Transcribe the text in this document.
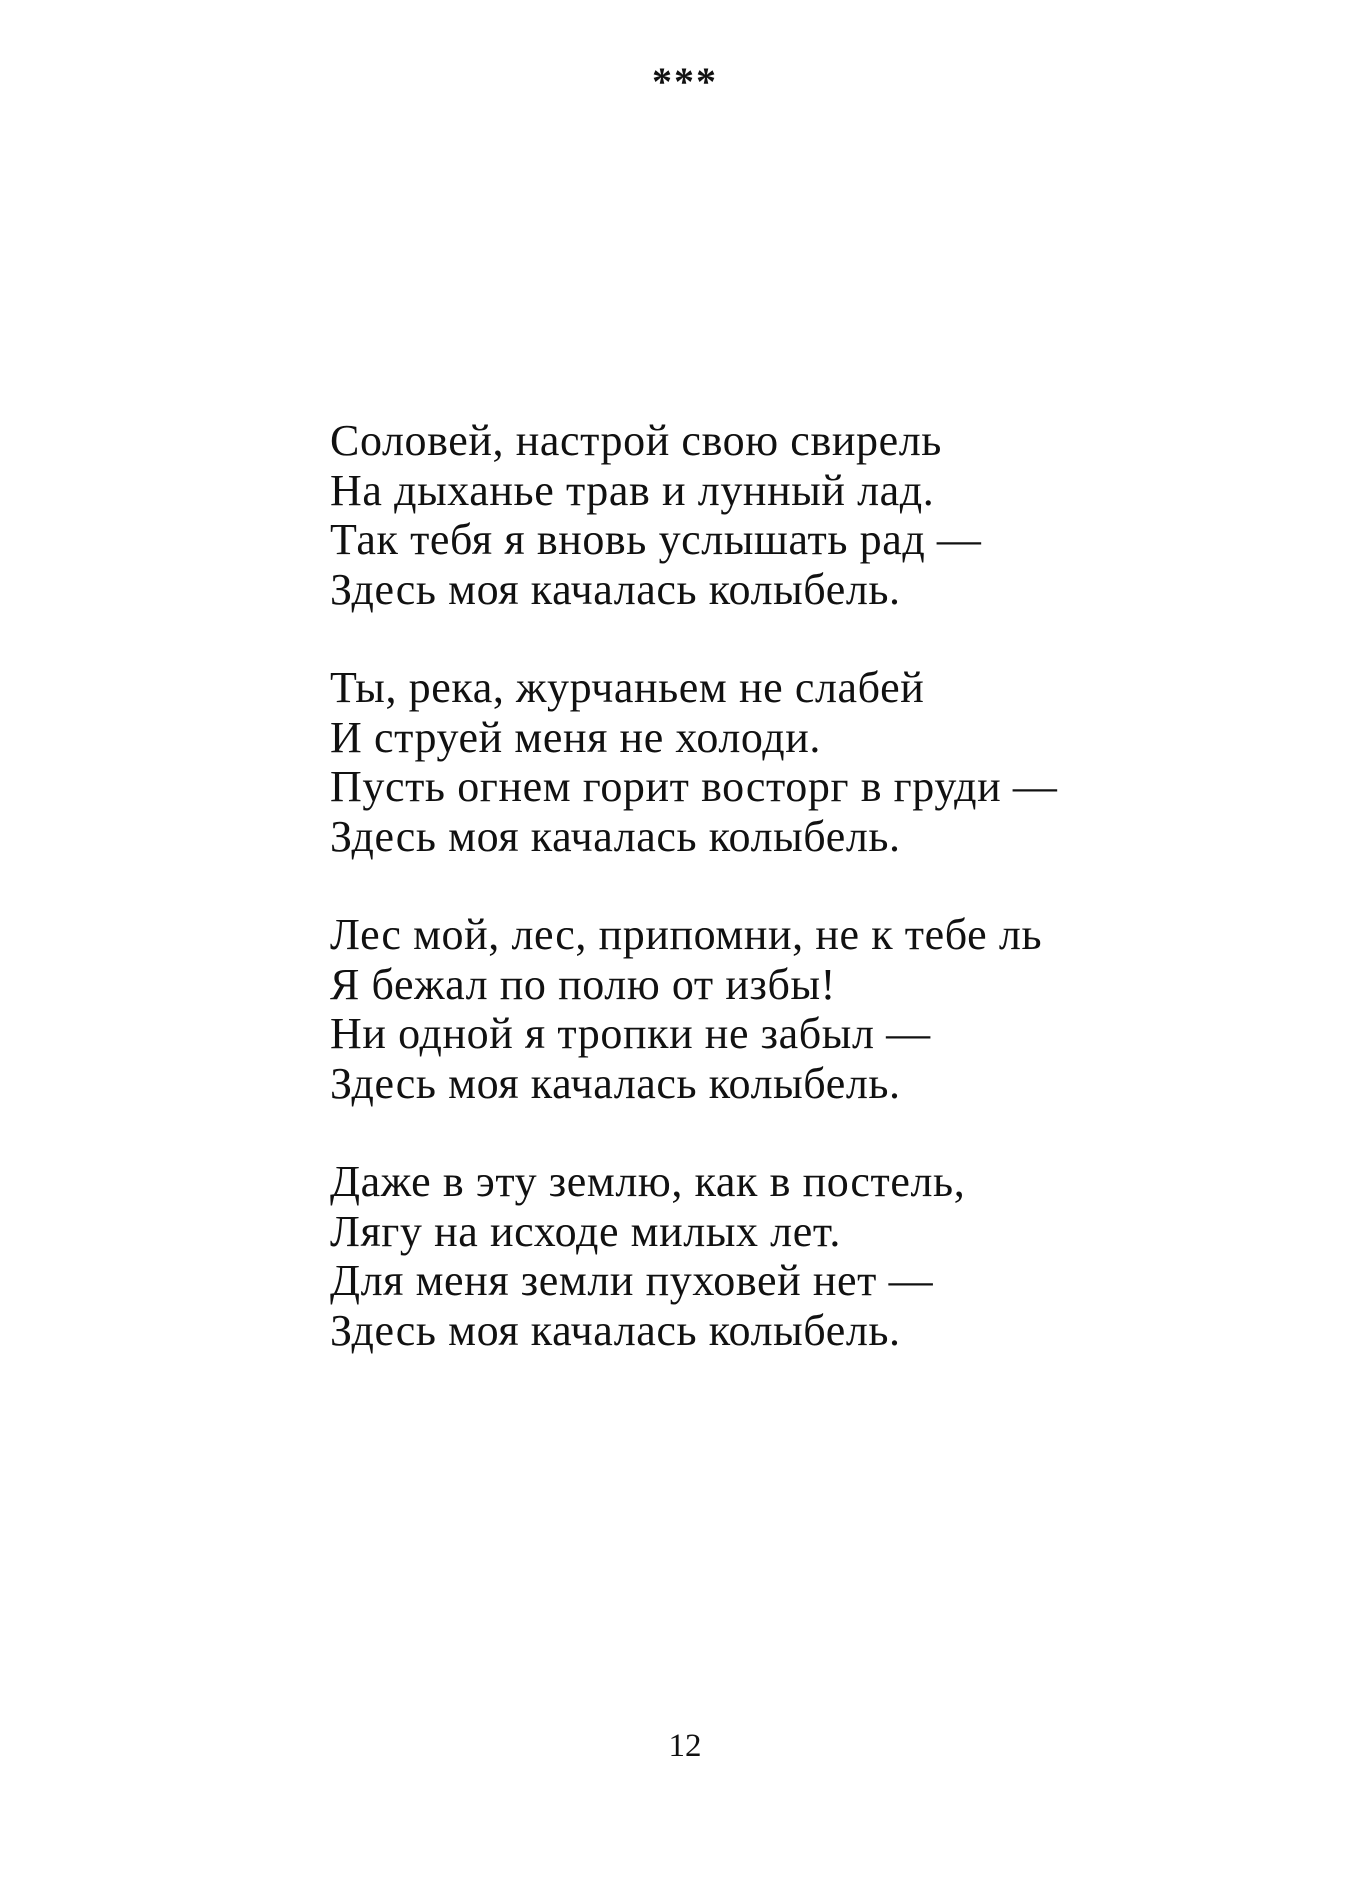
***
Соловей, настрой свою свирель
На дыханье трав и лунный лад.
Так тебя я вновь услышать рад —
Здесь моя качалась колыбель.
Ты, река, журчаньем не слабей
И струей меня не холоди.
Пусть огнем горит восторг в груди —
Здесь моя качалась колыбель.
Лес мой, лес, припомни, не к тебе ль
Я бежал по полю от избы!
Ни одной я тропки не забыл —
Здесь моя качалась колыбель.
Даже в эту землю, как в постель,
Лягу на исходе милых лет.
Для меня земли пуховей нет —
Здесь моя качалась колыбель.
12
